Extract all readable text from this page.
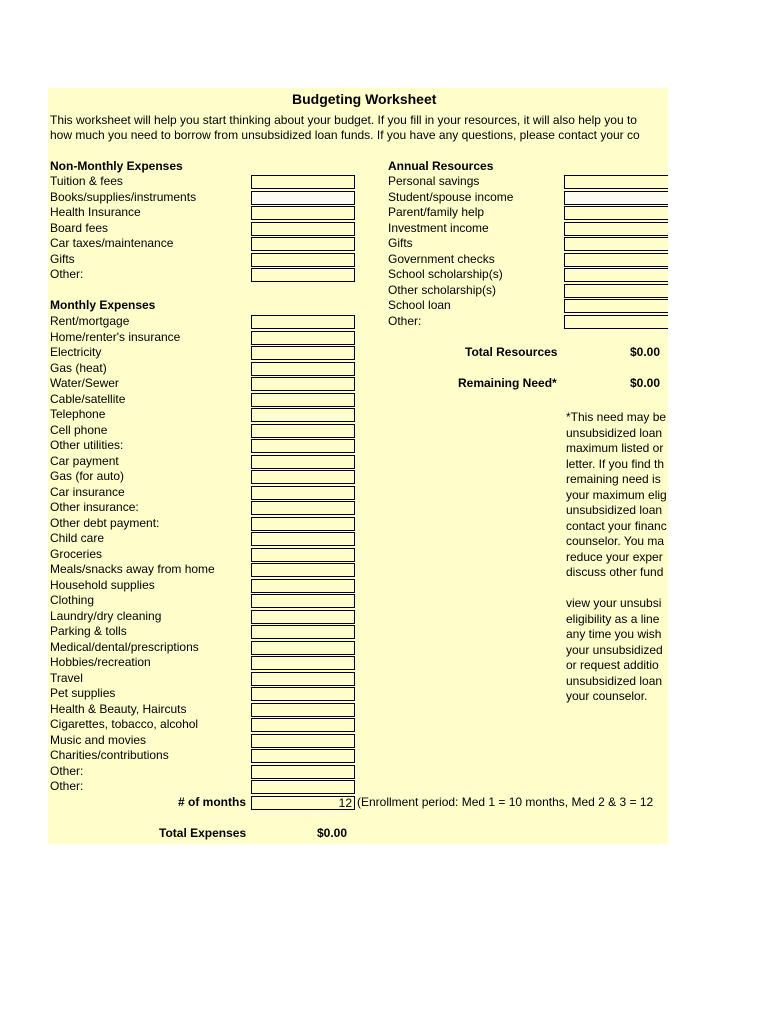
Budgeting Worksheet
This worksheet will help you start thinking about your budget. If you fill in your resources, it will also help you to
how much you need to borrow from unsubsidized loan funds. If you have any questions, please contact your co
Non-Monthly Expenses
Tuition & fees
Books/supplies/instruments
Health Insurance
Board fees
Car taxes/maintenance
Gifts
Other:
Monthly Expenses
Rent/mortgage
Home/renter's insurance
Electricity
Gas (heat)
Water/Sewer
Cable/satellite
Telephone
Cell phone
Other utilities:
Car payment
Gas (for auto)
Car insurance
Other insurance:
Other debt payment:
Child care
Groceries
Meals/snacks away from home
Household supplies
Clothing
Laundry/dry cleaning
Parking & tolls
Medical/dental/prescriptions
Hobbies/recreation
Travel
Pet supplies
Health & Beauty, Haircuts
Cigarettes, tobacco, alcohol
Music and movies
Charities/contributions
Other:
Other:
# of months	12 (Enrollment period: Med 1 = 10 months, Med 2 & 3 = 12
Total Expenses	$0.00
Annual Resources
Personal savings
Student/spouse income
Parent/family help
Investment income
Gifts
Government checks
School scholarship(s)
Other scholarship(s)
School loan
Other:
Total Resources	$0.00
Remaining Need*	$0.00
*This need may be
unsubsidized loan
maximum listed or
letter. If you find th
remaining need is
your maximum elig
unsubsidized loan
contact your financ
counselor. You ma
reduce your exper
discuss other fund
view your unsubsi
eligibility as a line
any time you wish
your unsubsidized
or request additio
unsubsidized loan
your counselor.
